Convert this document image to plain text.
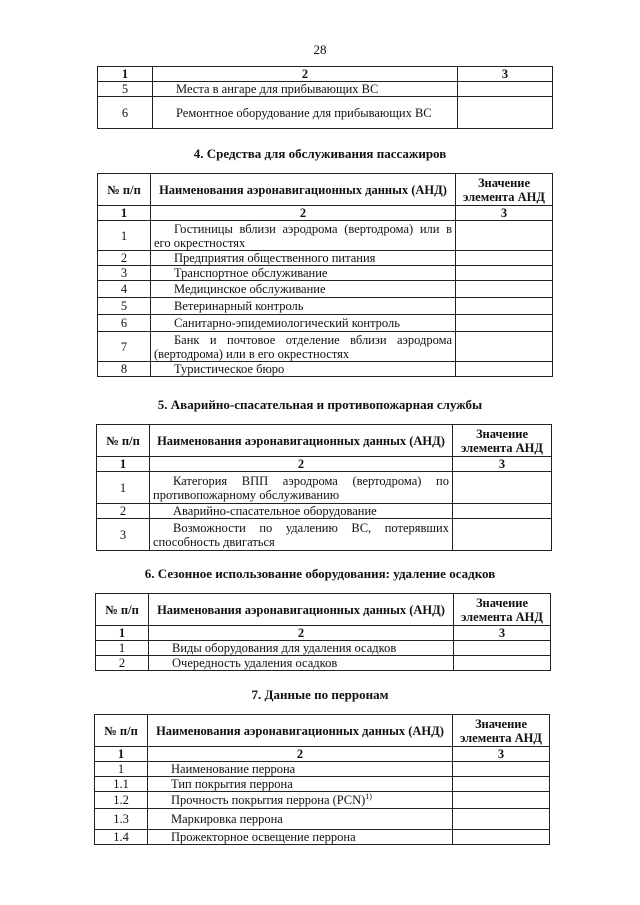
28
1	2	3
5	Места в ангаре для прибывающих ВС	
6	Ремонтное оборудование для прибывающих ВС	
4. Средства для обслуживания пассажиров
№ п/п	Наименования аэронавигационных данных (АНД)	Значение элемента АНД
1	2	3
1	Гостиницы вблизи аэродрома (вертодрома) или в его окрестностях	
2	Предприятия общественного питания	
3	Транспортное обслуживание	
4	Медицинское обслуживание	
5	Ветеринарный контроль	
6	Санитарно-эпидемиологический контроль	
7	Банк и почтовое отделение вблизи аэродрома (вертодрома) или в его окрестностях	
8	Туристическое бюро	
5. Аварийно-спасательная и противопожарная службы
№ п/п	Наименования аэронавигационных данных (АНД)	Значение элемента АНД
1	2	3
1	Категория ВПП аэродрома (вертодрома) по противопожарному обслуживанию	
2	Аварийно-спасательное оборудование	
3	Возможности по удалению ВС, потерявших способность двигаться	
6. Сезонное использование оборудования: удаление осадков
№ п/п	Наименования аэронавигационных данных (АНД)	Значение элемента АНД
1	2	3
1	Виды оборудования для удаления осадков	
2	Очередность удаления осадков	
7. Данные по перронам
№ п/п	Наименования аэронавигационных данных (АНД)	Значение элемента АНД
1	2	3
1	Наименование перрона	
1.1	Тип покрытия перрона	
1.2	Прочность покрытия перрона (PCN)$^{1)}$	
1.3	Маркировка перрона	
1.4	Прожекторное освещение перрона	
